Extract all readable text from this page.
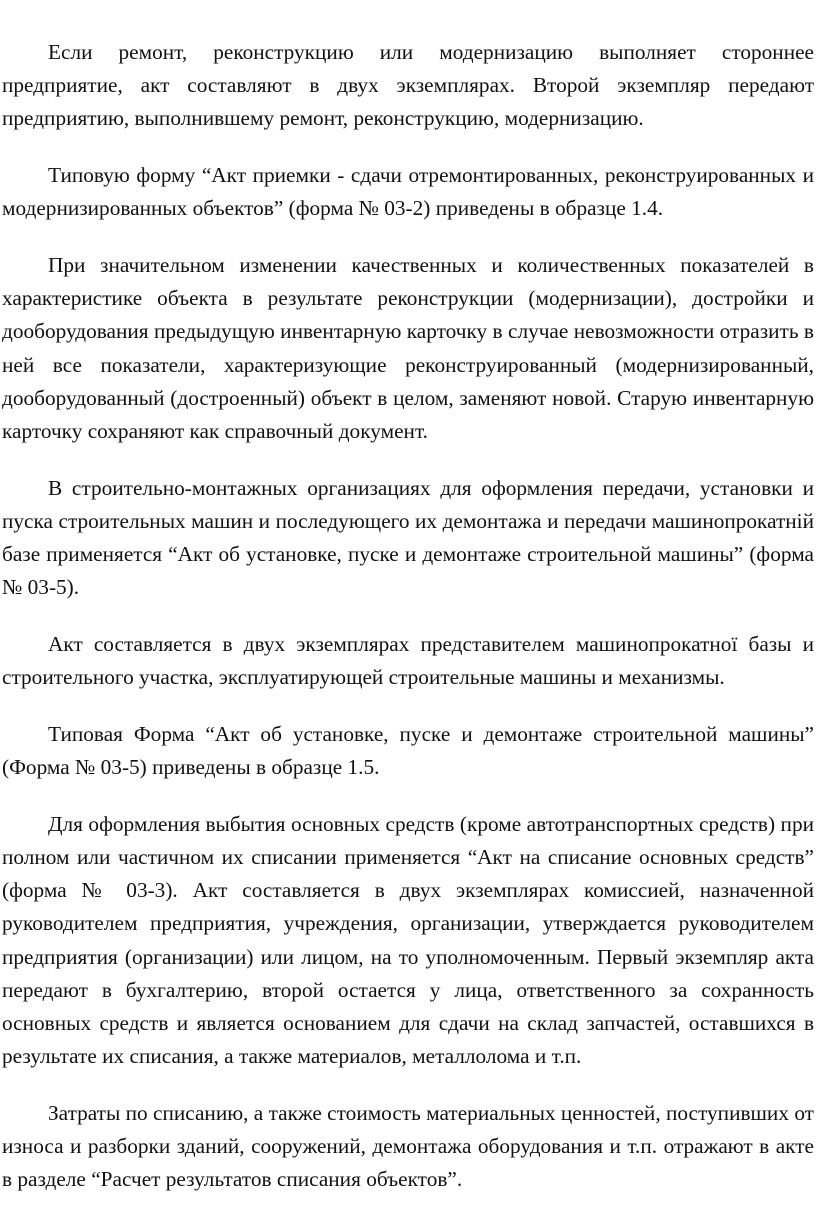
Если ремонт, реконструкцию или модернизацию выполняет стороннее предприятие, акт составляют в двух экземплярах. Второй экземпляр передают предприятию, выполнившему ремонт, реконструкцию, модернизацию.

Типовую форму “Акт приемки - сдачи отремонтированных, реконструированных и модернизированных объектов” (форма № 03-2) приведены в образце 1.4.

При значительном изменении качественных и количественных показателей в характеристике объекта в результате реконструкции (модернизации), достройки и дооборудования предыдущую инвентарную карточку в случае невозможности отразить в ней все показатели, характеризующие реконструированный (модернизированный, дооборудованный (достроенный) объект в целом, заменяют новой. Старую инвентарную карточку сохраняют как справочный документ.

В строительно-монтажных организациях для оформления передачи, установки и пуска строительных машин и последующего их демонтажа и передачи машинопрокатній базе применяется “Акт об установке, пуске и демонтаже строительной машины” (форма № 03-5).

Акт составляется в двух экземплярах представителем машинопрокатної базы и строительного участка, эксплуатирующей строительные машины и механизмы.

Типовая Форма “Акт об установке, пуске и демонтаже строительной машины” (Форма № 03-5) приведены в образце 1.5.

Для оформления выбытия основных средств (кроме автотранспортных средств) при полном или частичном их списании применяется “Акт на списание основных средств” (форма № 03-3). Акт составляется в двух экземплярах комиссией, назначенной руководителем предприятия, учреждения, организации, утверждается руководителем предприятия (организации) или лицом, на то уполномоченным. Первый экземпляр акта передают в бухгалтерию, второй остается у лица, ответственного за сохранность основных средств и является основанием для сдачи на склад запчастей, оставшихся в результате их списания, а также материалов, металлолома и т.п.

Затраты по списанию, а также стоимость материальных ценностей, поступивших от износа и разборки зданий, сооружений, демонтажа оборудования и т.п. отражают в акте в разделе “Расчет результатов списания объектов”.
